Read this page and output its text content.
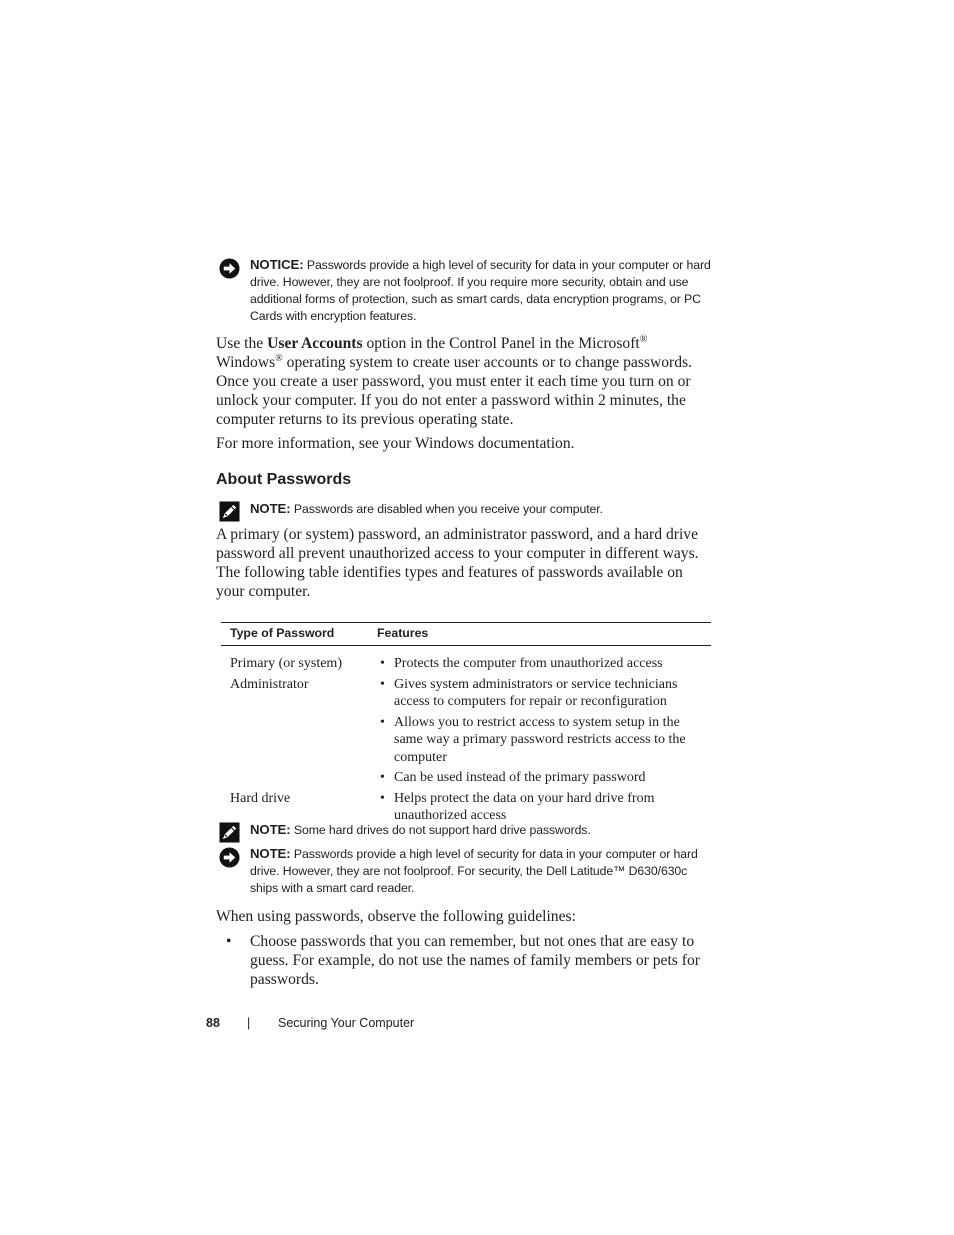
NOTICE: Passwords provide a high level of security for data in your computer or hard drive. However, they are not foolproof. If you require more security, obtain and use additional forms of protection, such as smart cards, data encryption programs, or PC Cards with encryption features.
Use the User Accounts option in the Control Panel in the Microsoft®
Windows® operating system to create user accounts or to change passwords. Once you create a user password, you must enter it each time you turn on or unlock your computer. If you do not enter a password within 2 minutes, the computer returns to its previous operating state.
For more information, see your Windows documentation.
About Passwords
NOTE: Passwords are disabled when you receive your computer.
A primary (or system) password, an administrator password, and a hard drive password all prevent unauthorized access to your computer in different ways. The following table identifies types and features of passwords available on your computer.
Type of Password	Features
Primary (or system)	• Protects the computer from unauthorized access
Administrator	• Gives system administrators or service technicians access to computers for repair or reconfiguration
• Allows you to restrict access to system setup in the same way a primary password restricts access to the computer
• Can be used instead of the primary password
Hard drive	• Helps protect the data on your hard drive from unauthorized access
NOTE: Some hard drives do not support hard drive passwords.
NOTE: Passwords provide a high level of security for data in your computer or hard drive. However, they are not foolproof. For security, the Dell Latitude™ D630/630c ships with a smart card reader.
When using passwords, observe the following guidelines:
• Choose passwords that you can remember, but not ones that are easy to guess. For example, do not use the names of family members or pets for passwords.
88 | Securing Your Computer
